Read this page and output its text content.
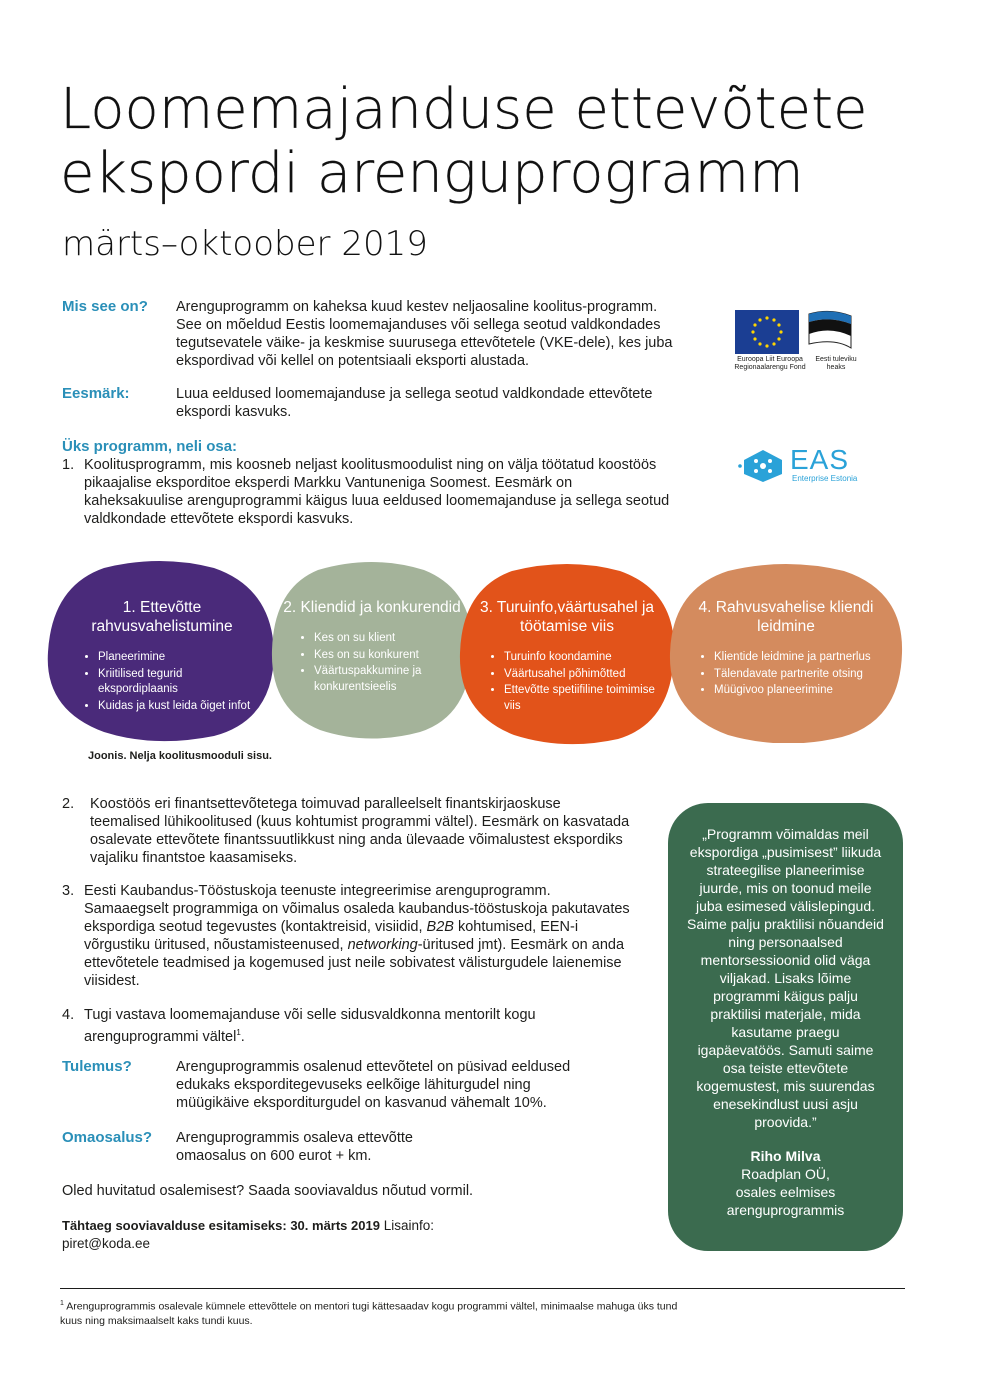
Loomemajanduse ettevõtete
ekspordi arenguprogramm
märts–oktoober 2019
Euroopa Liit Euroopa Regionaalarengu Fond
Eesti tuleviku heaks
EAS
Enterprise Estonia
Mis see on? Arenguprogramm on kaheksa kuud kestev neljaosaline koolitus-programm. See on mõeldud Eestis loomemajanduses või sellega seotud valdkondades tegutsevatele väike- ja keskmise suurusega ettevõtetele (VKE-dele), kes juba ekspordivad või kellel on potentsiaali eksporti alustada.
Eesmärk:	Luua eeldused loomemajanduse ja sellega seotud valdkondade ettevõtete ekspordi kasvuks.
Üks programm, neli osa:
1. Koolitusprogramm, mis koosneb neljast koolitusmoodulist ning on välja töötatud koostöös pikaajalise eksporditoe eksperdi Markku Vantuneniga Soomest. Eesmärk on kaheksakuulise arenguprogrammi käigus luua eeldused loomemajanduse ja sellega seotud valdkondade ettevõtete ekspordi kasvuks.
1. Ettevõtte rahvusvahelistumine
• Planeerimine
• Kriitilised tegurid ekspordiplaanis
• Kuidas ja kust leida õiget infot
2. Kliendid ja konkurendid
• Kes on su klient
• Kes on su konkurent
• Väärtuspakkumine ja konkurentsieelis
3. Turuinfo,väärtusahel ja töötamise viis
• Turuinfo koondamine
• Väärtusahel põhimõtted
• Ettevõtte spetiifiline toimimise viis
4. Rahvusvahelise kliendi leidmine
• Klientide leidmine ja partnerlus
• Tälendavate partnerite otsing
• Müügivoo planeerimine
Joonis. Nelja koolitusmooduli sisu.
2.	Koostöös eri finantsettevõtetega toimuvad paralleelselt finantskirjaoskuse teemalised lühikoolitused (kuus kohtumist programmi vältel). Eesmärk on kasvatada osalevate ettevõtete finantssuutlikkust ning anda ülevaade võimalustest ekspordiks vajaliku finantstoe kaasamiseks.
3. Eesti Kaubandus-Tööstuskoja teenuste integreerimise arenguprogramm. Samaaegselt programmiga on võimalus osaleda kaubandus-tööstuskoja pakutavates ekspordiga seotud tegevustes (kontaktreisid, visiidid, B2B kohtumised, EEN-i võrgustiku üritused, nõustamisteenused, networking-üritused jmt). Eesmärk on anda ettevõtetele teadmised ja kogemused just neile sobivatest välisturgudele laienemise viisidest.
4. Tugi vastava loomemajanduse või selle sidusvaldkonna mentorilt kogu arenguprogrammi vältel$^1$.
Tulemus?	Arenguprogrammis osalenud ettevõtetel on püsivad eeldused edukaks eksporditegevuseks eelkõige lähiturgudel ning müügikäive eksporditurgudel on kasvanud vähemalt 10%.
Omaosalus? Arenguprogrammis osaleva ettevõtte omaosalus on 600 eurot + km.
Oled huvitatud osalemisest? Saada sooviavaldus nõutud vormil.
Tähtaeg sooviavalduse esitamiseks: 30. märts 2019 Lisainfo:
piret@koda.ee
„Programm võimaldas meil ekspordiga „pusimisest” liikuda strateegilise planeerimise juurde, mis on toonud meile juba esimesed välislepingud. Saime palju praktilisi nõuandeid ning personaalsed mentorsessioonid olid väga viljakad. Lisaks lõime programmi käigus palju praktilisi materjale, mida kasutame praegu igapäevatöös. Samuti saime osa teiste ettevõtete kogemustest, mis suurendas enesekindlust uusi asju proovida.”
Riho Milva
Roadplan OÜ,
osales eelmises
arenguprogrammis
$^1$ Arenguprogrammis osalevale kümnele ettevõttele on mentori tugi kättesaadav kogu programmi vältel, minimaalse mahuga üks tund kuus ning maksimaalselt kaks tundi kuus.
